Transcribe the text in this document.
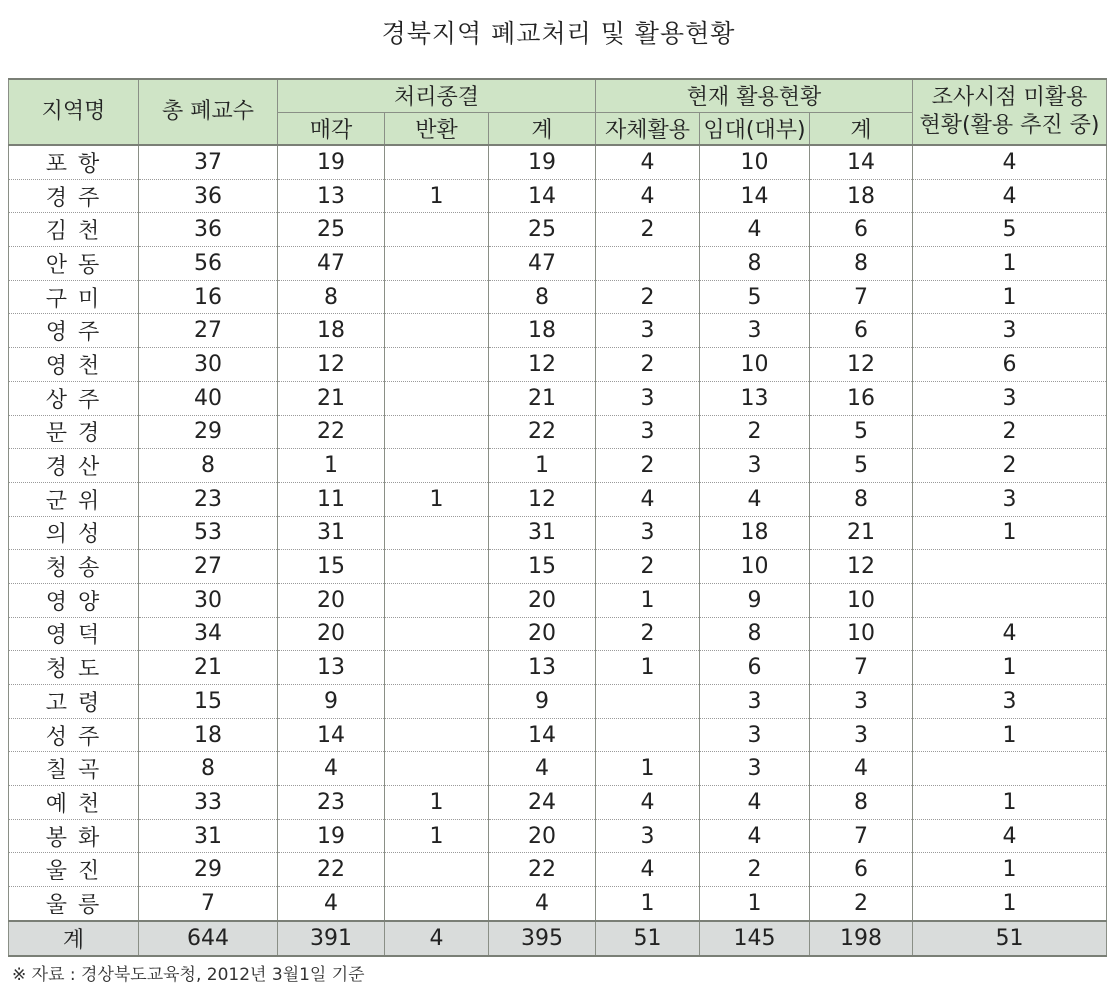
경북지역 폐교처리 및 활용현황
지역명	총 폐교수	처리종결			현재 활용현황			조사시점 미활용
현황(활용 추진 중)
		매각	반환	계	자체활용	임대(대부)	계	
포 항	37	19		19	4	10	14	4
경 주	36	13	1	14	4	14	18	4
김 천	36	25		25	2	4	6	5
안 동	56	47		47		8	8	1
구 미	16	8		8	2	5	7	1
영 주	27	18		18	3	3	6	3
영 천	30	12		12	2	10	12	6
상 주	40	21		21	3	13	16	3
문 경	29	22		22	3	2	5	2
경 산	8	1		1	2	3	5	2
군 위	23	11	1	12	4	4	8	3
의 성	53	31		31	3	18	21	1
청 송	27	15		15	2	10	12	
영 양	30	20		20	1	9	10	
영 덕	34	20		20	2	8	10	4
청 도	21	13		13	1	6	7	1
고 령	15	9		9		3	3	3
성 주	18	14		14		3	3	1
칠 곡	8	4		4	1	3	4	
예 천	33	23	1	24	4	4	8	1
봉 화	31	19	1	20	3	4	7	4
울 진	29	22		22	4	2	6	1
울 릉	7	4		4	1	1	2	1
계	644	391	4	395	51	145	198	51
※ 자료 : 경상북도교육청, 2012년 3월1일 기준
